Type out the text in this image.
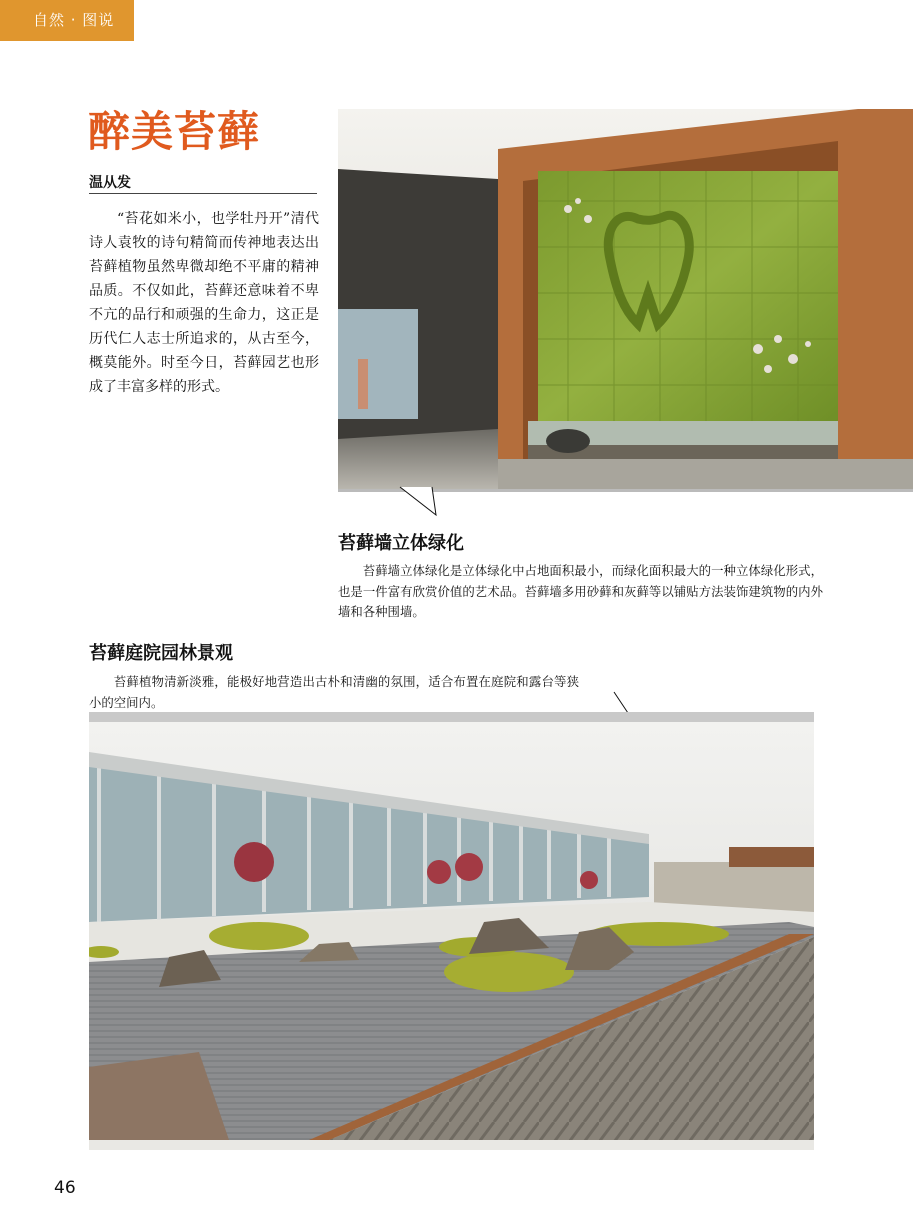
自然 · 图说
醉美苔藓
温从发

“苔花如米小，也学牡丹开”清代诗人袁牧的诗句精简而传神地表达出苔藓植物虽然卑微却绝不平庸的精神品质。不仅如此，苔藓还意味着不卑不亢的品行和顽强的生命力，这正是历代仁人志士所追求的，从古至今，概莫能外。时至今日，苔藓园艺也形成了丰富多样的形式。

苔藓墙立体绿化

苔藓墙立体绿化是立体绿化中占地面积最小，而绿化面积最大的一种立体绿化形式，也是一件富有欣赏价值的艺术品。苔藓墙多用砂藓和灰藓等以铺贴方法装饰建筑物的内外墙和各种围墙。

苔藓庭院园林景观

苔藓植物清新淡雅，能极好地营造出古朴和清幽的氛围，适合布置在庭院和露台等狭小的空间内。

46
